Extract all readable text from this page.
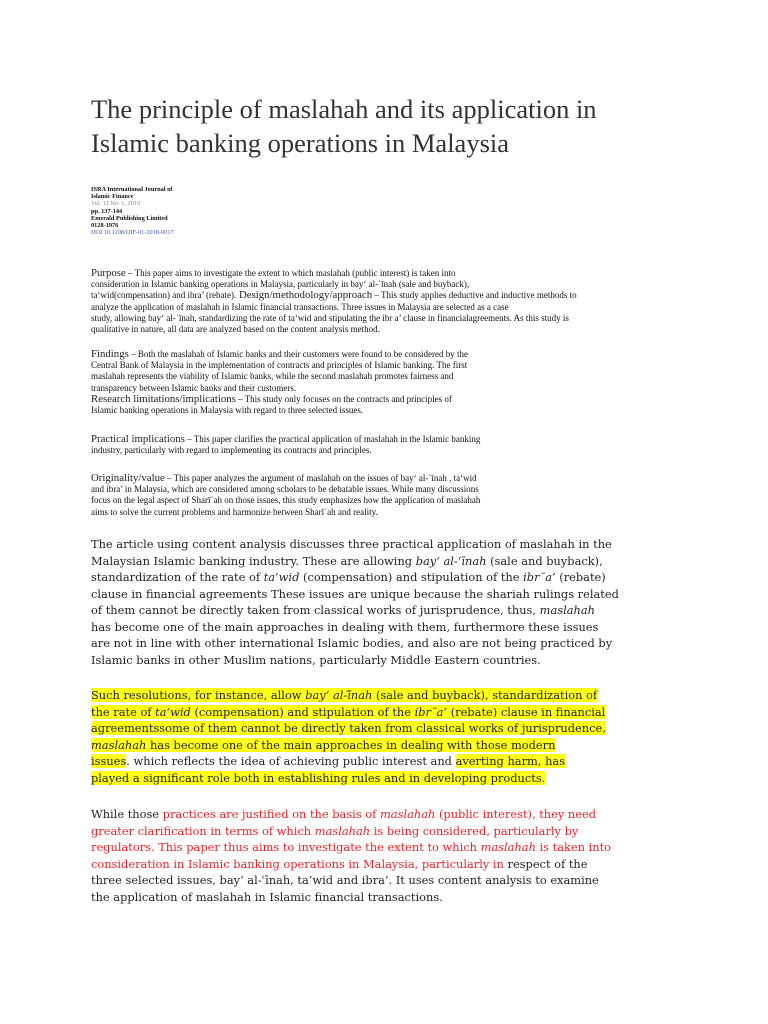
The principle of maslahah and its application in
Islamic banking operations in Malaysia
ISRA International Journal of
Islamic Finance
Vol. 11 No. 1, 2019
pp. 137-144
Emerald Publishing Limited
0128-1976
DOI 10.1108/IJIF-01-2018-0017
Purpose – This paper aims to investigate the extent to which maslahah (public interest) is taken into
consideration in Islamic banking operations in Malaysia, particularly in bay‘ al-ʿīnah (sale and buyback),
ta‘wid(compensation) and ibra’ (rebate). Design/methodology/approach – This study applies deductive and inductive methods to
analyze the application of maslahah in Islamic financial transactions. Three issues in Malaysia are selected as a case
study, allowing bay‘ al-ʿīnah, standardizing the rate of ta‘wid and stipulating the ibr a’ clause in financialagreements. As this study is
qualitative in nature, all data are analyzed based on the content analysis method.
Findings – Both the maslahah of Islamic banks and their customers were found to be considered by the
Central Bank of Malaysia in the implementation of contracts and principles of Islamic banking. The first
maslahah represents the viability of Islamic banks, while the second maslahah promotes fairness and
transparency between Islamic banks and their customers.
Research limitations/implications – This study only focuses on the contracts and principles of
Islamic banking operations in Malaysia with regard to three selected issues.
Practical implications – This paper clarifies the practical application of maslahah in the Islamic banking
industry, particularly with regard to implementing its contracts and principles.
Originality/value – This paper analyzes the argument of maslahah on the issues of bay‘ al-ʿīnah , ta‘wid
and ibra’ in Malaysia, which are considered among scholars to be debatable issues. While many discussions
focus on the legal aspect of Sharīʿah on those issues, this study emphasizes how the application of maslahah
aims to solve the current problems and harmonize between Sharīʿah and reality.
The article using content analysis discusses three practical application of maslahah in the
Malaysian Islamic banking industry. These are allowing bay‘ al-‘īnah (sale and buyback),
standardization of the rate of ta‘wid (compensation) and stipulation of the ibr¯a’ (rebate)
clause in financial agreements These issues are unique because the shariah rulings related
of them cannot be directly taken from classical works of jurisprudence, thus, maslahah
has become one of the main approaches in dealing with them, furthermore these issues
are not in line with other international Islamic bodies, and also are not being practiced by
Islamic banks in other Muslim nations, particularly Middle Eastern countries.
Such resolutions, for instance, allow bay‘ al-ī̄nah (sale and buyback), standardization of
the rate of ta‘wid (compensation) and stipulation of the ibr¯a’ (rebate) clause in financial
agreementssome of them cannot be directly taken from classical works of jurisprudence,
maslahah has become one of the main approaches in dealing with those modern
issues. which reflects the idea of achieving public interest and averting harm, has
played a significant role both in establishing rules and in developing products.
While those practices are justified on the basis of maslahah (public interest), they need
greater clarification in terms of which maslahah is being considered, particularly by
regulators. This paper thus aims to investigate the extent to which maslahah is taken into
consideration in Islamic banking operations in Malaysia, particularly in respect of the
three selected issues, bay‘ al-ʿīnah, ta‘wid and ibra’. It uses content analysis to examine
the application of maslahah in Islamic financial transactions.
